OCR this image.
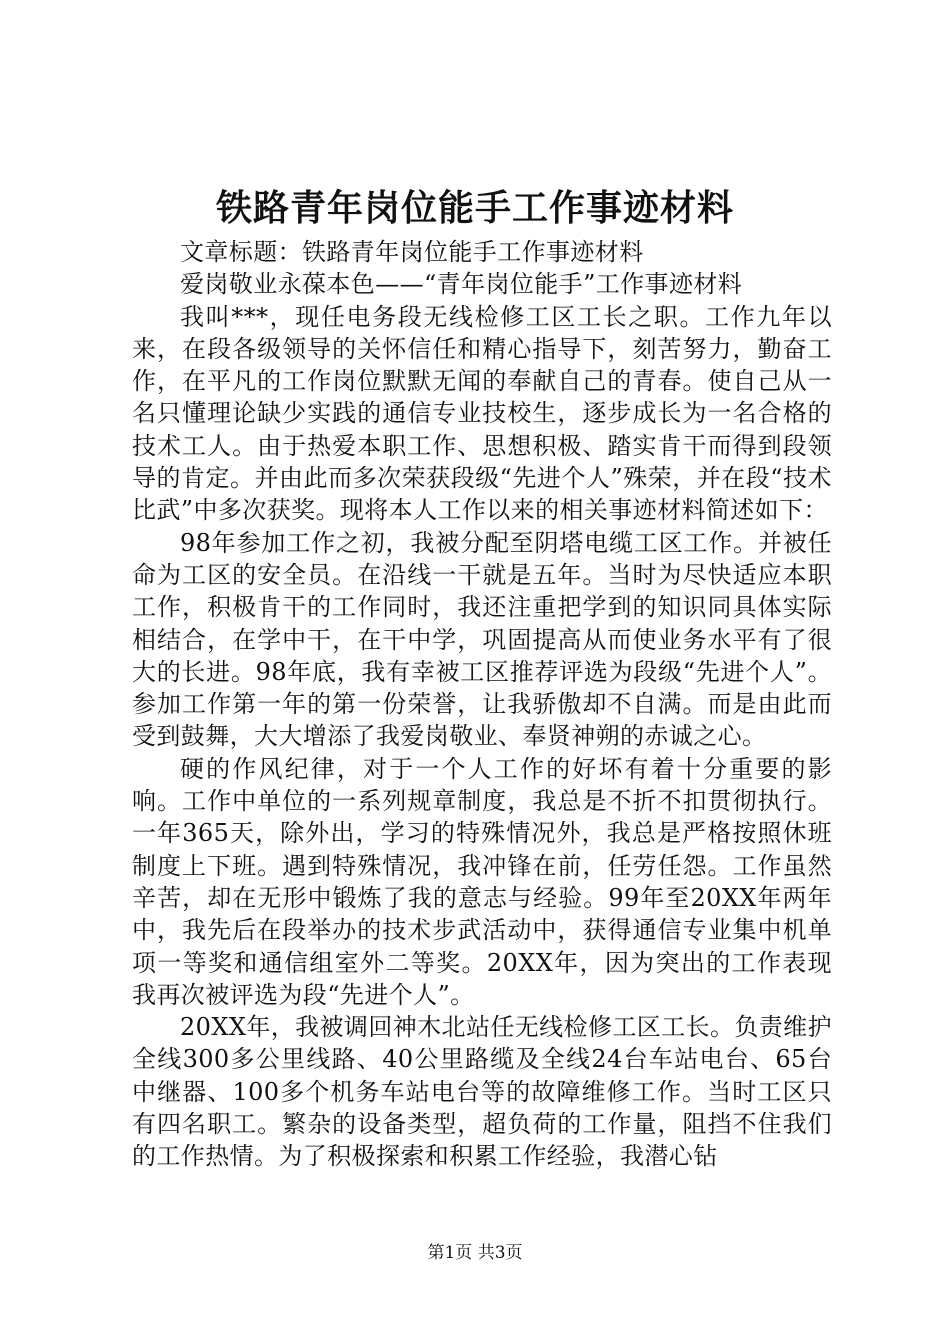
铁路青年岗位能手工作事迹材料

文章标题：铁路青年岗位能手工作事迹材料

爱岗敬业永葆本色——“青年岗位能手”工作事迹材料

我叫***，现任电务段无线检修工区工长之职。工作九年以来，在段各级领导的关怀信任和精心指导下，刻苦努力，勤奋工作，在平凡的工作岗位默默无闻的奉献自己的青春。使自己从一名只懂理论缺少实践的通信专业技校生，逐步成长为一名合格的技术工人。由于热爱本职工作、思想积极、踏实肯干而得到段领导的肯定。并由此而多次荣获段级“先进个人”殊荣，并在段“技术比武”中多次获奖。现将本人工作以来的相关事迹材料简述如下：

98年参加工作之初，我被分配至阴塔电缆工区工作。并被任命为工区的安全员。在沿线一干就是五年。当时为尽快适应本职工作，积极肯干的工作同时，我还注重把学到的知识同具体实际相结合，在学中干，在干中学，巩固提高从而使业务水平有了很大的长进。98年底，我有幸被工区推荐评选为段级“先进个人”。参加工作第一年的第一份荣誉，让我骄傲却不自满。而是由此而受到鼓舞，大大增添了我爱岗敬业、奉贤神朔的赤诚之心。

硬的作风纪律，对于一个人工作的好坏有着十分重要的影响。工作中单位的一系列规章制度，我总是不折不扣贯彻执行。一年365天，除外出，学习的特殊情况外，我总是严格按照休班制度上下班。遇到特殊情况，我冲锋在前，任劳任怨。工作虽然辛苦，却在无形中锻炼了我的意志与经验。99年至20XX年两年中，我先后在段举办的技术步武活动中，获得通信专业集中机单项一等奖和通信组室外二等奖。20XX年，因为突出的工作表现我再次被评选为段“先进个人”。

20XX年，我被调回神木北站任无线检修工区工长。负责维护全线300多公里线路、40公里路缆及全线24台车站电台、65台中继器、100多个机务车站电台等的故障维修工作。当时工区只有四名职工。繁杂的设备类型，超负荷的工作量，阻挡不住我们的工作热情。为了积极探索和积累工作经验，我潜心钻

第1页 共3页
